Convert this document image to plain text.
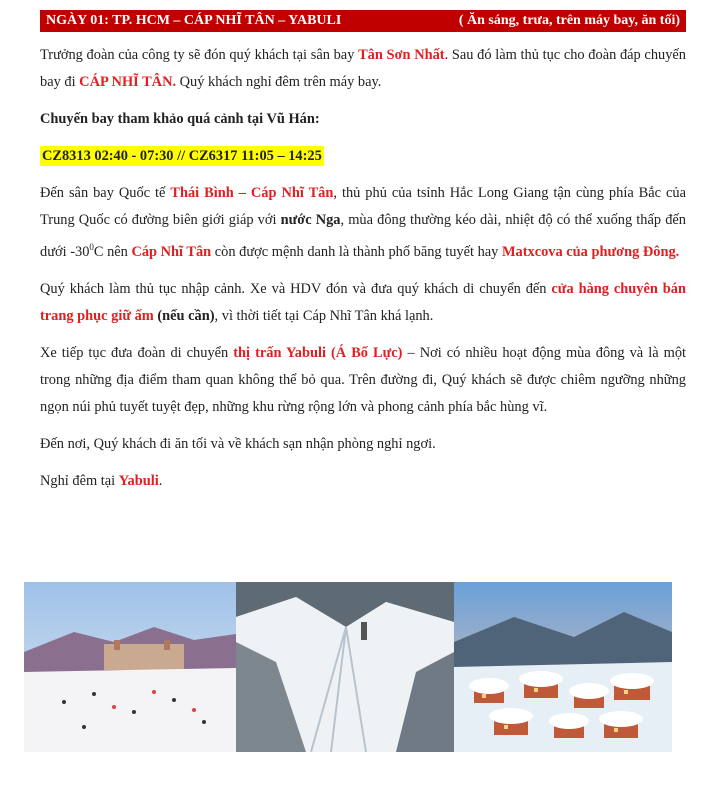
NGÀY 01: TP. HCM – CÁP NHĨ TÂN – YABULI	( Ăn sáng, trưa, trên máy bay, ăn tối)

Trưởng đoàn của công ty sẽ đón quý khách tại sân bay Tân Sơn Nhất. Sau đó làm thủ tục cho đoàn đáp chuyến bay đi CÁP NHĨ TÂN. Quý khách nghỉ đêm trên máy bay.

Chuyến bay tham khảo quá cảnh tại Vũ Hán:

CZ8313 02:40 - 07:30 // CZ6317 11:05 – 14:25

Đến sân bay Quốc tế Thái Bình – Cáp Nhĩ Tân, thủ phủ của tsỉnh Hắc Long Giang tận cùng phía Bắc của Trung Quốc có đường biên giới giáp với nước Nga, mùa đông thường kéo dài, nhiệt độ có thể xuống thấp đến dưới $-30^0C$ nên Cáp Nhĩ Tân còn được mệnh danh là thành phố băng tuyết hay Matxcova của phương Đông.

Quý khách làm thủ tục nhập cảnh. Xe và HDV đón và đưa quý khách di chuyển đến cửa hàng chuyên bán trang phục giữ ấm (nếu cần), vì thời tiết tại Cáp Nhĩ Tân khá lạnh.

Xe tiếp tục đưa đoàn di chuyển thị trấn Yabuli (Á Bố Lực) – Nơi có nhiều hoạt động mùa đông và là một trong những địa điểm tham quan không thể bỏ qua. Trên đường đi, Quý khách sẽ được chiêm ngưỡng những ngọn núi phủ tuyết tuyệt đẹp, những khu rừng rộng lớn và phong cảnh phía bắc hùng vĩ.

Đến nơi, Quý khách đi ăn tối và về khách sạn nhận phòng nghỉ ngơi.

Nghỉ đêm tại Yabuli.
